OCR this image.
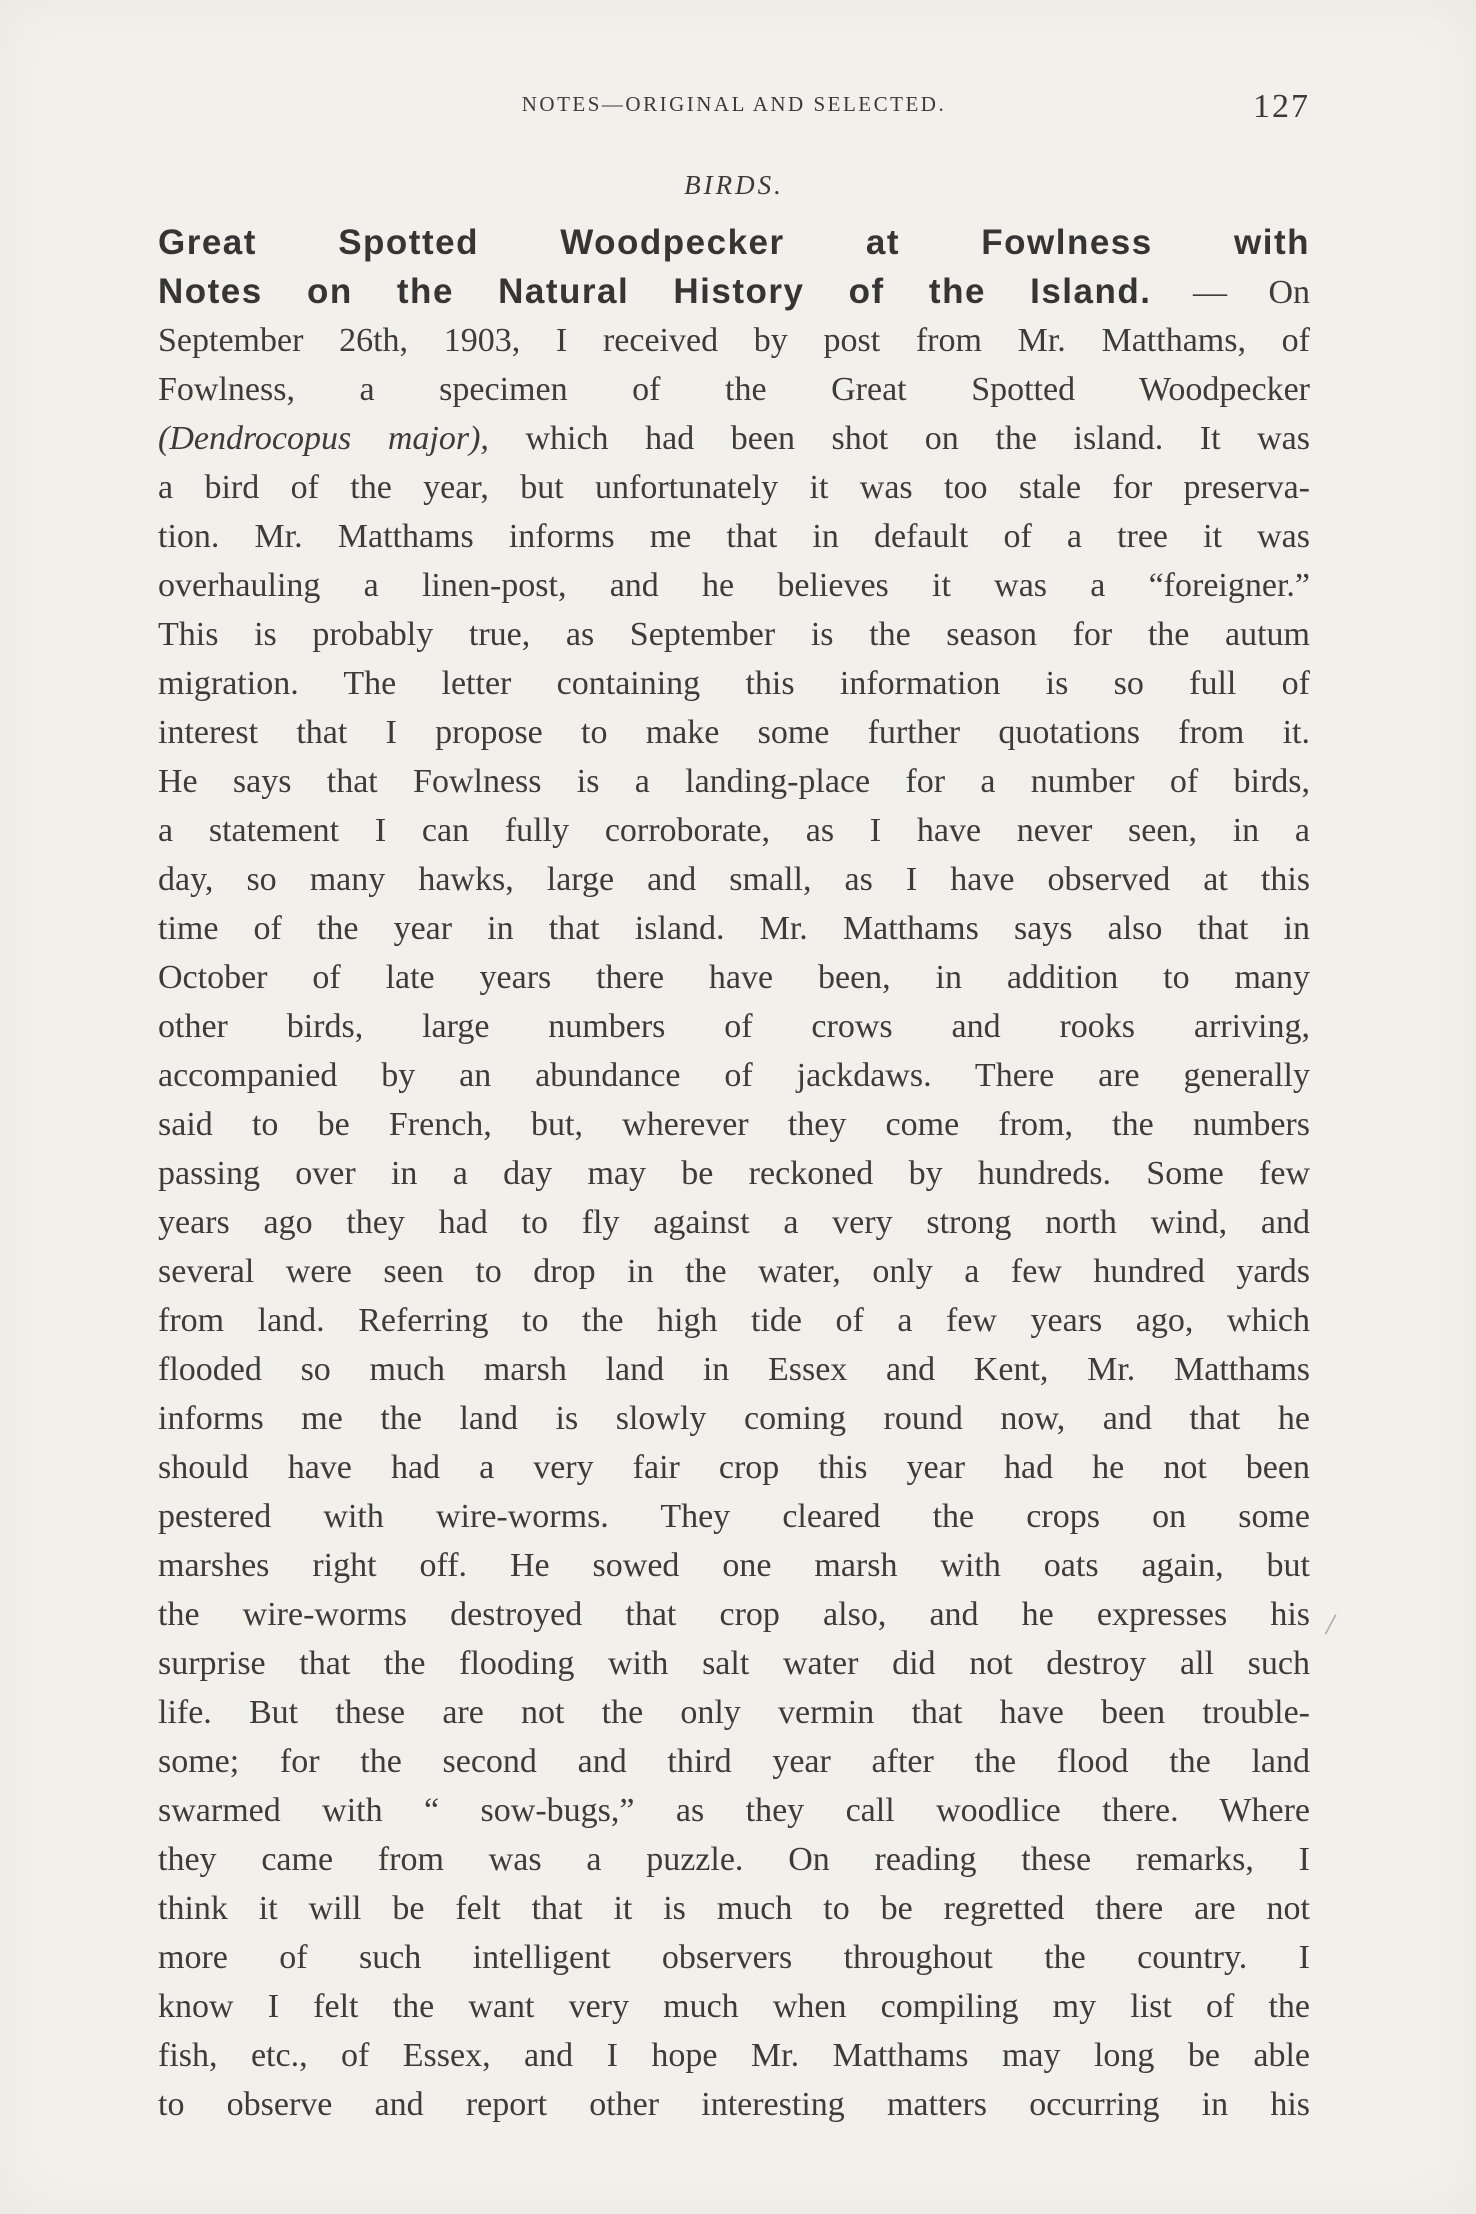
NOTES—ORIGINAL AND SELECTED.	127
BIRDS.
Great Spotted Woodpecker at Fowlness with
Notes on the Natural History of the Island. — On
September 26th, 1903, I received by post from Mr. Matthams, of
Fowlness, a specimen of the Great Spotted Woodpecker
(Dendrocopus major), which had been shot on the island. It was
a bird of the year, but unfortunately it was too stale for preserva-
tion. Mr. Matthams informs me that in default of a tree it was
overhauling a linen-post, and he believes it was a “foreigner.”
This is probably true, as September is the season for the autum
migration. The letter containing this information is so full of
interest that I propose to make some further quotations from it.
He says that Fowlness is a landing-place for a number of birds,
a statement I can fully corroborate, as I have never seen, in a
day, so many hawks, large and small, as I have observed at this
time of the year in that island. Mr. Matthams says also that in
October of late years there have been, in addition to many
other birds, large numbers of crows and rooks arriving,
accompanied by an abundance of jackdaws. There are generally
said to be French, but, wherever they come from, the numbers
passing over in a day may be reckoned by hundreds. Some few
years ago they had to fly against a very strong north wind, and
several were seen to drop in the water, only a few hundred yards
from land. Referring to the high tide of a few years ago, which
flooded so much marsh land in Essex and Kent, Mr. Matthams
informs me the land is slowly coming round now, and that he
should have had a very fair crop this year had he not been
pestered with wire-worms. They cleared the crops on some
marshes right off. He sowed one marsh with oats again, but
the wire-worms destroyed that crop also, and he expresses his
surprise that the flooding with salt water did not destroy all such
life. But these are not the only vermin that have been trouble-
some; for the second and third year after the flood the land
swarmed with “ sow-bugs,” as they call woodlice there. Where
they came from was a puzzle. On reading these remarks, I
think it will be felt that it is much to be regretted there are not
more of such intelligent observers throughout the country. I
know I felt the want very much when compiling my list of the
fish, etc., of Essex, and I hope Mr. Matthams may long be able
to observe and report other interesting matters occurring in his
/
